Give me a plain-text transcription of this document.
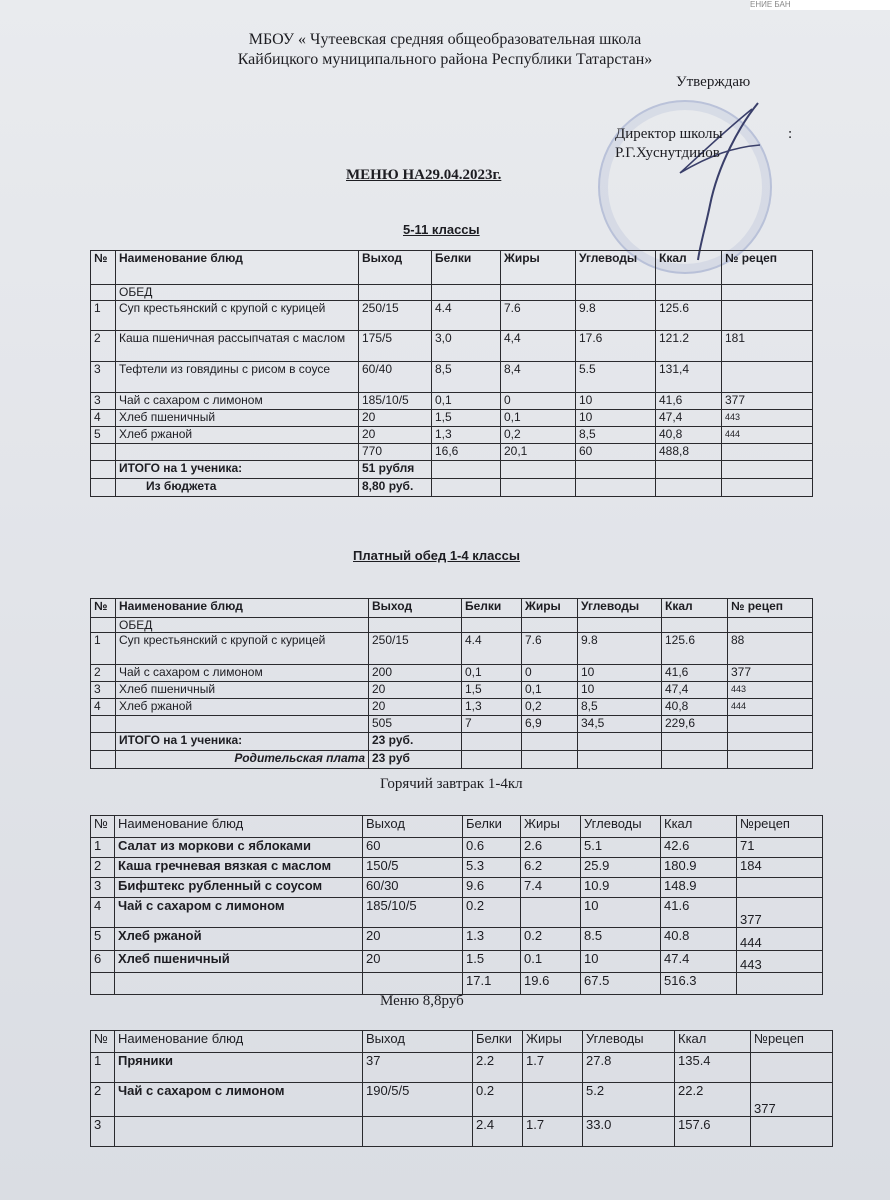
ЕНИЕ БАН
МБОУ « Чутеевская средняя общеобразовательная школа
Кайбицкого муниципального района Республики Татарстан»
Утверждаю
Директор школы	:
Р.Г.Хуснутдинов
МЕНЮ НА29.04.2023г.
5-11 классы
№	Наименование блюд	Выход	Белки	Жиры	Углеводы	Ккал	№ рецеп
	ОБЕД						
1	Суп крестьянский с крупой с курицей	250/15	4.4	7.6	9.8	125.6	
2	Каша пшеничная рассыпчатая с маслом	175/5	3,0	4,4	17.6	121.2	181
3	Тефтели из говядины с рисом в соусе	60/40	8,5	8,4	5.5	131,4	
3	Чай с сахаром с лимоном	185/10/5	0,1	0	10	41,6	377
4	Хлеб пшеничный	20	1,5	0,1	10	47,4	443
5	Хлеб ржаной	20	1,3	0,2	8,5	40,8	444
		770	16,6	20,1	60	488,8	
	ИТОГО на 1 ученика:	51 рубля					
	Из бюджета	8,80 руб.					
Платный обед 1-4 классы
№	Наименование блюд	Выход	Белки	Жиры	Углеводы	Ккал	№ рецеп
	ОБЕД						
1	Суп крестьянский с крупой с курицей	250/15	4.4	7.6	9.8	125.6	88
2	Чай с сахаром с лимоном	200	0,1	0	10	41,6	377
3	Хлеб пшеничный	20	1,5	0,1	10	47,4	443
4	Хлеб ржаной	20	1,3	0,2	8,5	40,8	444
		505	7	6,9	34,5	229,6	
	ИТОГО на 1 ученика:	23 руб.					
	Родительская плата	23 руб					
Горячий завтрак 1-4кл
№	Наименование блюд	Выход	Белки	Жиры	Углеводы	Ккал	№рецеп
1	Салат из моркови с яблоками	60	0.6	2.6	5.1	42.6	71
2	Каша гречневая вязкая с маслом	150/5	5.3	6.2	25.9	180.9	184
3	Бифштекс рубленный с соусом	60/30	9.6	7.4	10.9	148.9	
4	Чай с сахаром с лимоном	185/10/5	0.2		10	41.6	377
5	Хлеб ржаной	20	1.3	0.2	8.5	40.8	444
6	Хлеб пшеничный	20	1.5	0.1	10	47.4	443
			17.1	19.6	67.5	516.3	
Меню 8,8руб
№	Наименование блюд	Выход	Белки	Жиры	Углеводы	Ккал	№рецеп
1	Пряники	37	2.2	1.7	27.8	135.4	
2	Чай с сахаром с лимоном	190/5/5	0.2		5.2	22.2	377
3			2.4	1.7	33.0	157.6	
